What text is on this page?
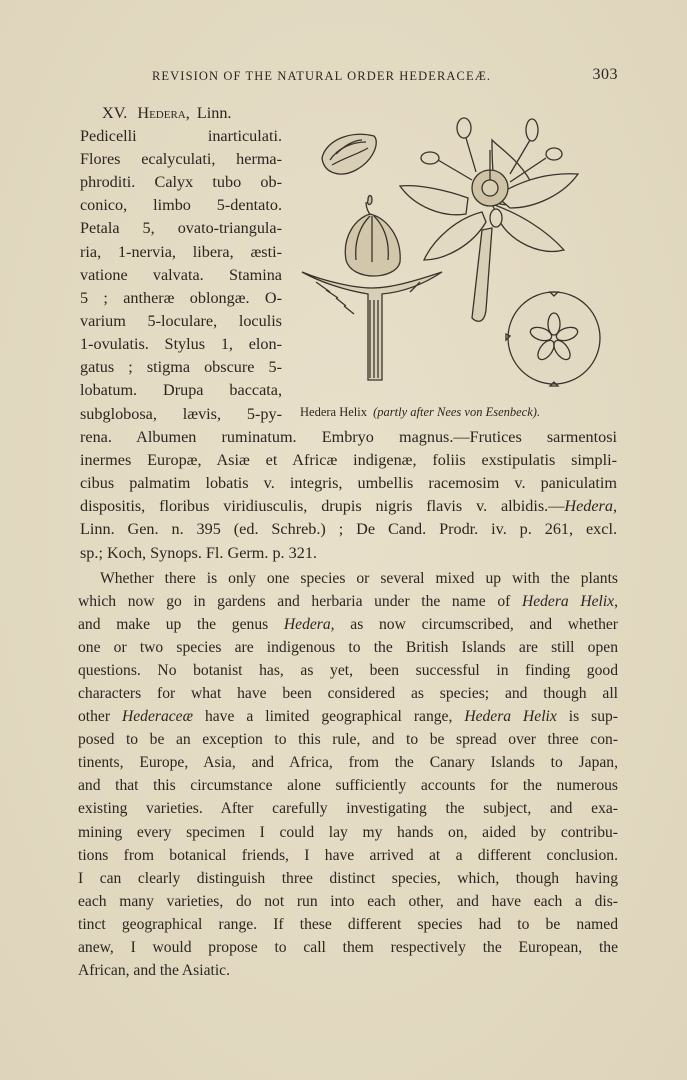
REVISION OF THE NATURAL ORDER HEDERACEÆ.	303
XV. Hedera, Linn.
Pedicelli inarticulati.
Flores ecalyculati, herma-
phroditi. Calyx tubo ob-
conico, limbo 5-dentato.
Petala 5, ovato-triangula-
ria, 1-nervia, libera, æsti-
vatione valvata. Stamina
5 ; antheræ oblongæ. O-
varium 5-loculare, loculis
1-ovulatis. Stylus 1, elon-
gatus ; stigma obscure 5-
lobatum. Drupa baccata,
Hedera Helix (partly after Nees von Esenbeck).
subglobosa, lævis, 5-py-
rena. Albumen ruminatum. Embryo magnus.—Frutices sarmentosi
inermes Europæ, Asiæ et Africæ indigenæ, foliis exstipulatis simpli-
cibus palmatim lobatis v. integris, umbellis racemosim v. paniculatim
dispositis, floribus viridiusculis, drupis nigris flavis v. albidis.—Hedera,
Linn. Gen. n. 395 (ed. Schreb.) ; De Cand. Prodr. iv. p. 261, excl.
sp.; Koch, Synops. Fl. Germ. p. 321.
Whether there is only one species or several mixed up with the plants
which now go in gardens and herbaria under the name of Hedera Helix,
and make up the genus Hedera, as now circumscribed, and whether
one or two species are indigenous to the British Islands are still open
questions. No botanist has, as yet, been successful in finding good
characters for what have been considered as species; and though all
other Hederaceæ have a limited geographical range, Hedera Helix is sup-
posed to be an exception to this rule, and to be spread over three con-
tinents, Europe, Asia, and Africa, from the Canary Islands to Japan,
and that this circumstance alone sufficiently accounts for the numerous
existing varieties. After carefully investigating the subject, and exa-
mining every specimen I could lay my hands on, aided by contribu-
tions from botanical friends, I have arrived at a different conclusion.
I can clearly distinguish three distinct species, which, though having
each many varieties, do not run into each other, and have each a dis-
tinct geographical range. If these different species had to be named
anew, I would propose to call them respectively the European, the
African, and the Asiatic.
